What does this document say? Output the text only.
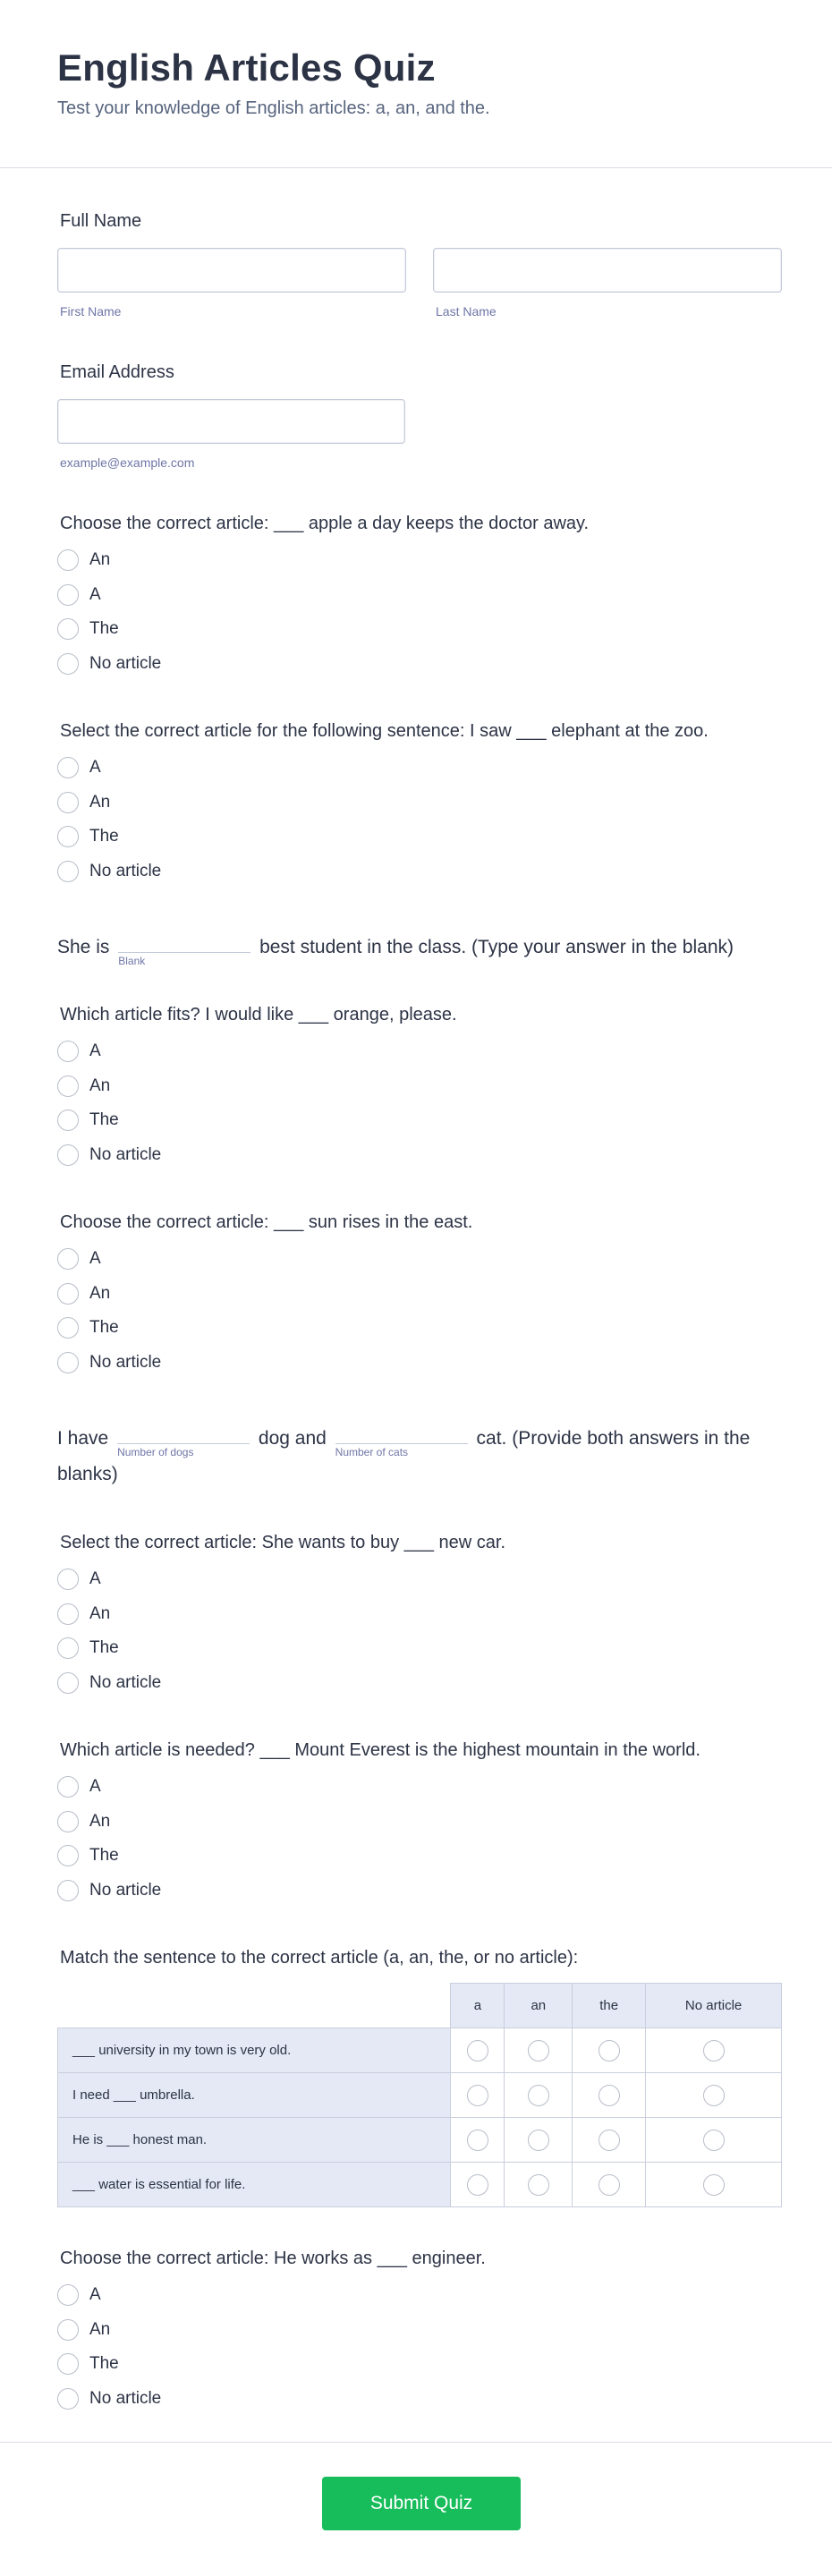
English Articles Quiz

Test your knowledge of English articles: a, an, and the.

Full Name
First Name	Last Name
Email Address
example@example.com
Choose the correct article: ___ apple a day keeps the doctor away.
An
A
The
No article
Select the correct article for the following sentence: I saw ___ elephant at the zoo.
A
An
The
No article
She is
Blank
best student in the class. (Type your answer in the blank)
Which article fits? I would like ___ orange, please.
A
An
The
No article
Choose the correct article: ___ sun rises in the east.
A
An
The
No article
I have
Number of dogs
dog and
Number of cats
cat. (Provide both answers in the
blanks)
Select the correct article: She wants to buy ___ new car.
A
An
The
No article
Which article is needed? ___ Mount Everest is the highest mountain in the world.
A
An
The
No article
Match the sentence to the correct article (a, an, the, or no article):
	a	an	the	No article
___ university in my town is very old.				
I need ___ umbrella.				
He is ___ honest man.				
___ water is essential for life.				
Choose the correct article: He works as ___ engineer.
A
An
The
No article
Submit Quiz
